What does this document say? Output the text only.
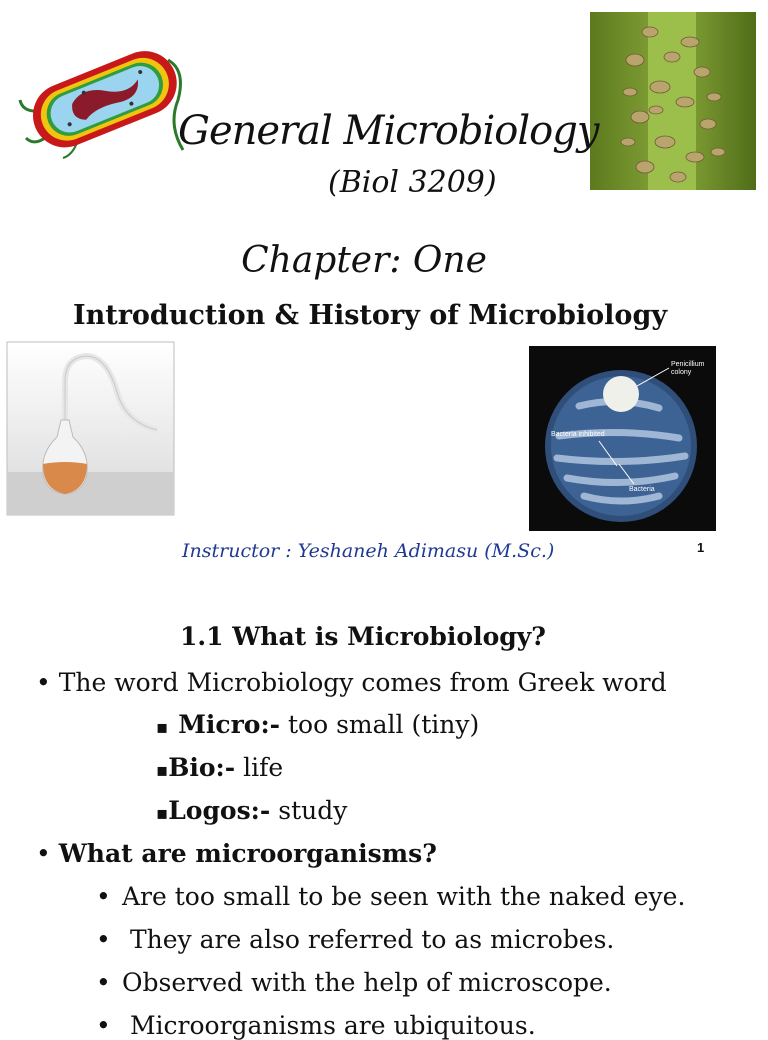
General Microbiology
(Biol 3209)
Chapter: One
Introduction & History of Microbiology
Penicillium
colony
Bacteria inhibited
Bacteria
Instructor : Yeshaneh Adimasu (M.Sc.)	1
1.1 What is Microbiology?
• The word Microbiology comes from Greek word
▪ Micro:- too small (tiny)
▪Bio:- life
▪Logos:- study
• What are microorganisms?
• Are too small to be seen with the naked eye.
• They are also referred to as microbes.
• Observed with the help of microscope.
• Microorganisms are ubiquitous.
